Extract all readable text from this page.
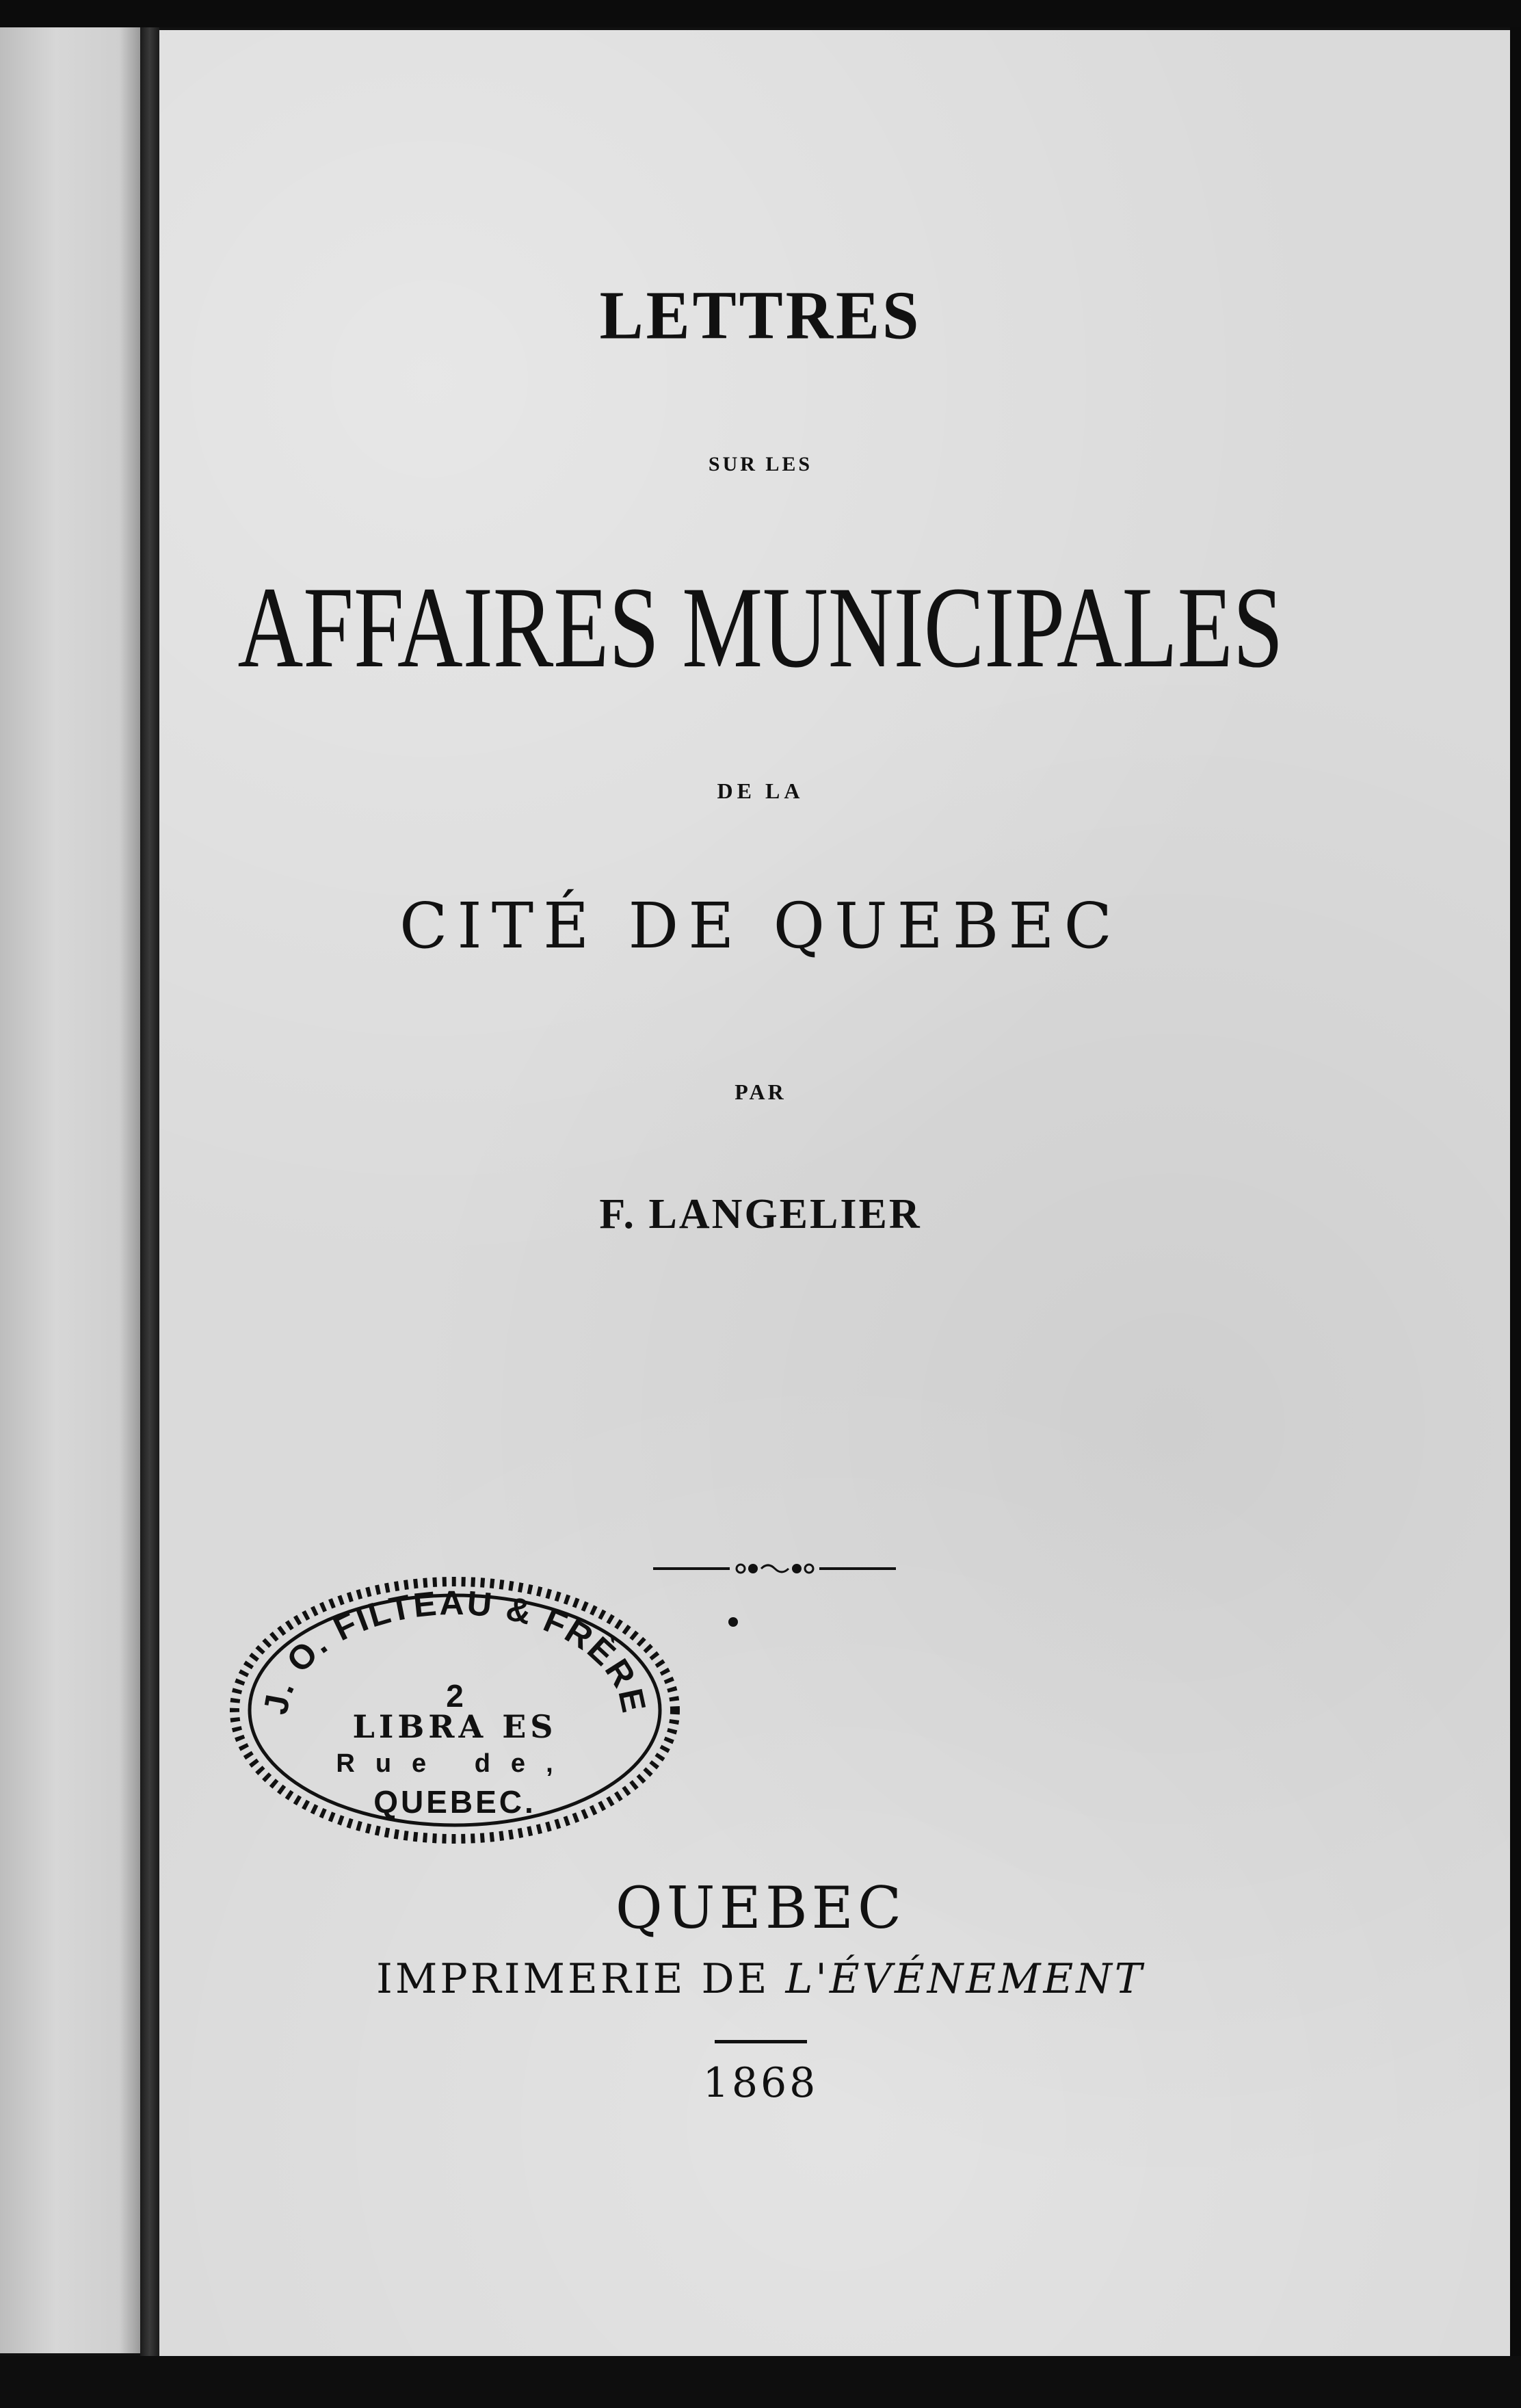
LETTRES
SUR LES
AFFAIRES MUNICIPALES
DE LA
CITÉ DE QUEBEC
PAR
F. LANGELIER
J. O. FILTEAU & FRÈRE
2
LIBRA ES
Rue de,
QUEBEC.
QUEBEC
IMPRIMERIE DE L'ÉVÉNEMENT
1868
